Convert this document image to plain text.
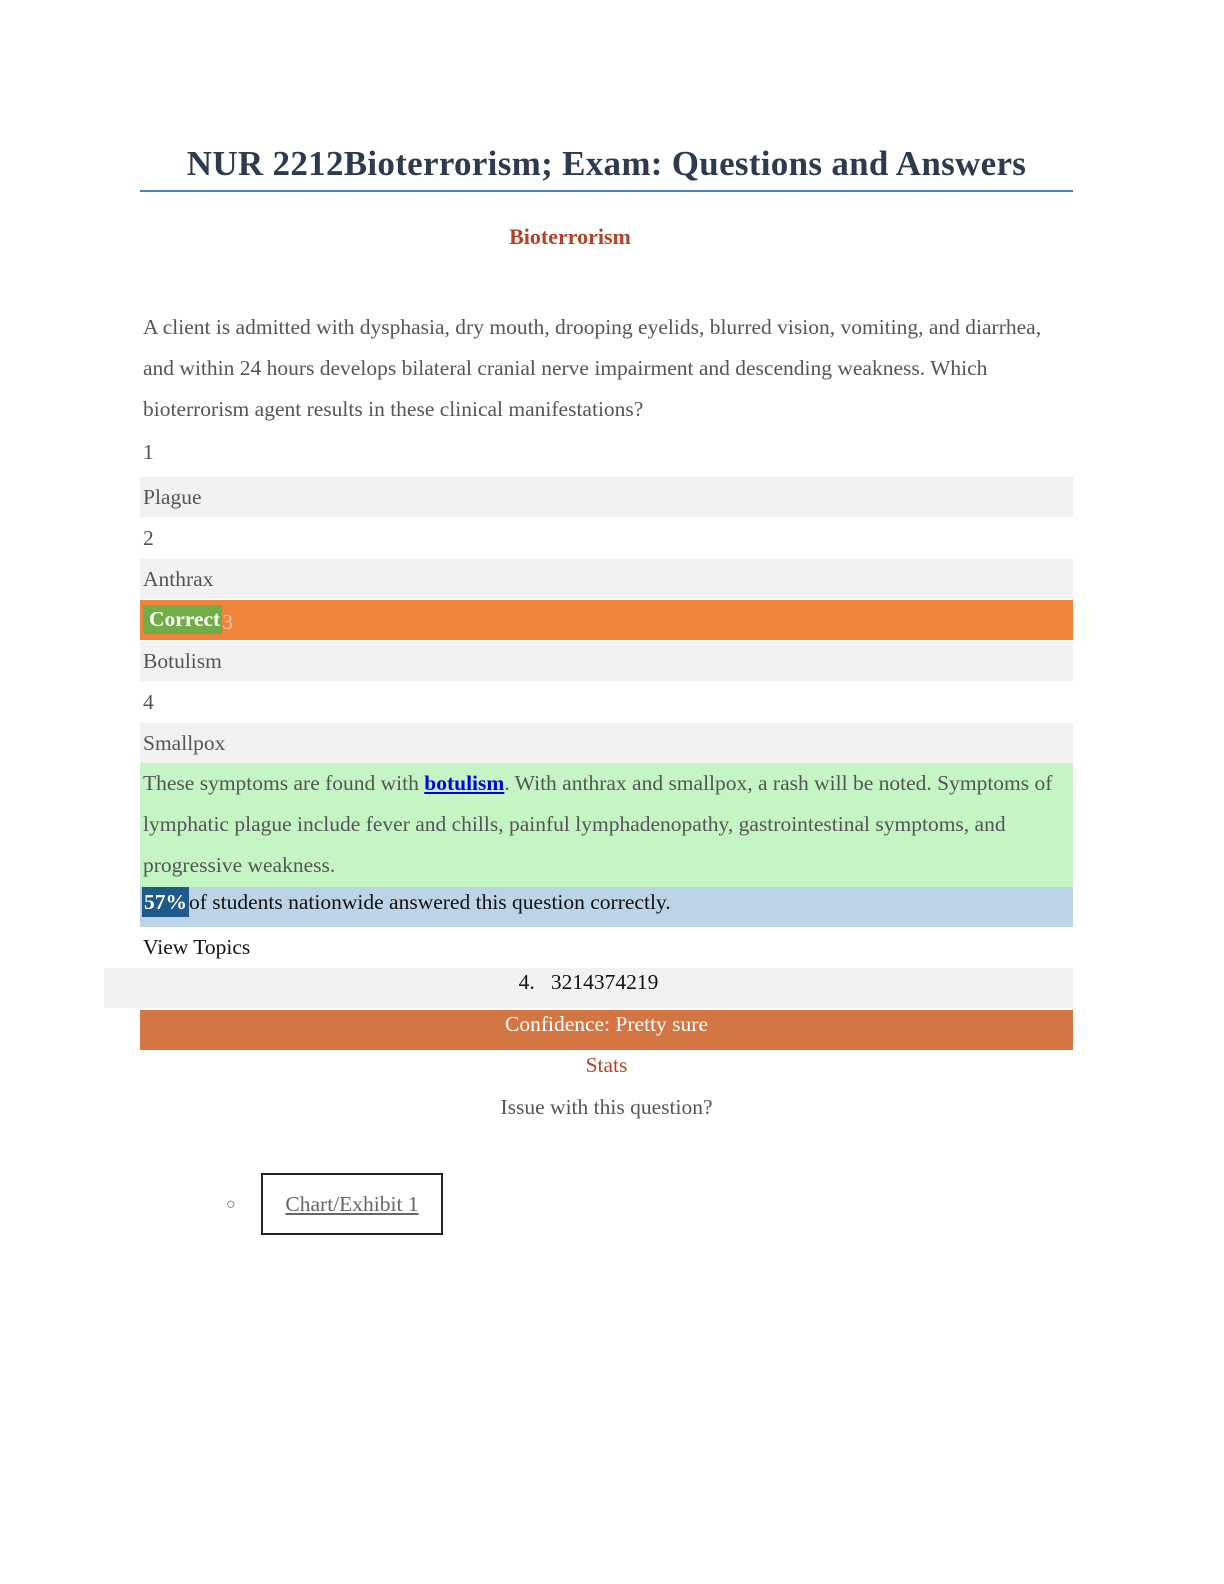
NUR 2212Bioterrorism; Exam: Questions and Answers
Bioterrorism
A client is admitted with dysphasia, dry mouth, drooping eyelids, blurred vision, vomiting, and diarrhea, and within 24 hours develops bilateral cranial nerve impairment and descending weakness. Which bioterrorism agent results in these clinical manifestations?
1
Plague
2
Anthrax
Correct3
Botulism
4
Smallpox
These symptoms are found with botulism. With anthrax and smallpox, a rash will be noted. Symptoms of lymphatic plague include fever and chills, painful lymphadenopathy, gastrointestinal symptoms, and progressive weakness.
57%of students nationwide answered this question correctly.
View Topics
4. 3214374219
Confidence: Pretty sure
Stats
Issue with this question?
○	Chart/Exhibit 1
